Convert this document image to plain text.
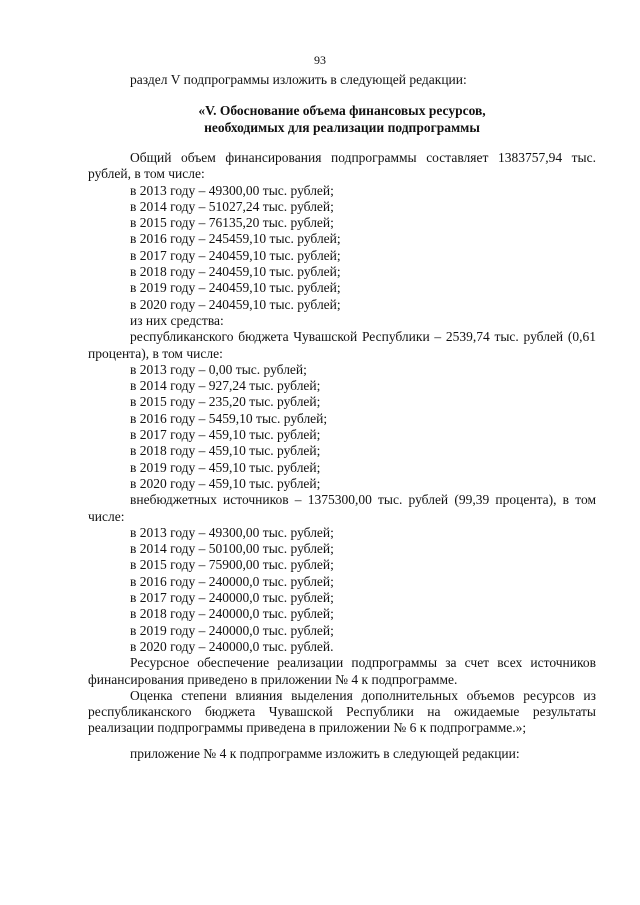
93

раздел V подпрограммы изложить в следующей редакции:

«V. Обоснование объема финансовых ресурсов,
необходимых для реализации подпрограммы

Общий объем финансирования подпрограммы составляет 1383757,94 тыс. рублей, в том числе:

в 2013 году – 49300,00 тыс. рублей;

в 2014 году – 51027,24 тыс. рублей;

в 2015 году – 76135,20 тыс. рублей;

в 2016 году – 245459,10 тыс. рублей;

в 2017 году – 240459,10 тыс. рублей;

в 2018 году – 240459,10 тыс. рублей;

в 2019 году – 240459,10 тыс. рублей;

в 2020 году – 240459,10 тыс. рублей;

из них средства:

республиканского бюджета Чувашской Республики – 2539,74 тыс. рублей (0,61 процента), в том числе:

в 2013 году – 0,00 тыс. рублей;

в 2014 году – 927,24 тыс. рублей;

в 2015 году – 235,20 тыс. рублей;

в 2016 году – 5459,10 тыс. рублей;

в 2017 году – 459,10 тыс. рублей;

в 2018 году – 459,10 тыс. рублей;

в 2019 году – 459,10 тыс. рублей;

в 2020 году – 459,10 тыс. рублей;

внебюджетных источников – 1375300,00 тыс. рублей (99,39 процента), в том числе:

в 2013 году – 49300,00 тыс. рублей;

в 2014 году – 50100,00 тыс. рублей;

в 2015 году – 75900,00 тыс. рублей;

в 2016 году – 240000,0 тыс. рублей;

в 2017 году – 240000,0 тыс. рублей;

в 2018 году – 240000,0 тыс. рублей;

в 2019 году – 240000,0 тыс. рублей;

в 2020 году – 240000,0 тыс. рублей.

Ресурсное обеспечение реализации подпрограммы за счет всех источников финансирования приведено в приложении № 4 к подпрограмме.

Оценка степени влияния выделения дополнительных объемов ресурсов из республиканского бюджета Чувашской Республики на ожидаемые результаты реализации подпрограммы приведена в приложении № 6 к подпрограмме.»;

приложение № 4 к подпрограмме изложить в следующей редакции:
